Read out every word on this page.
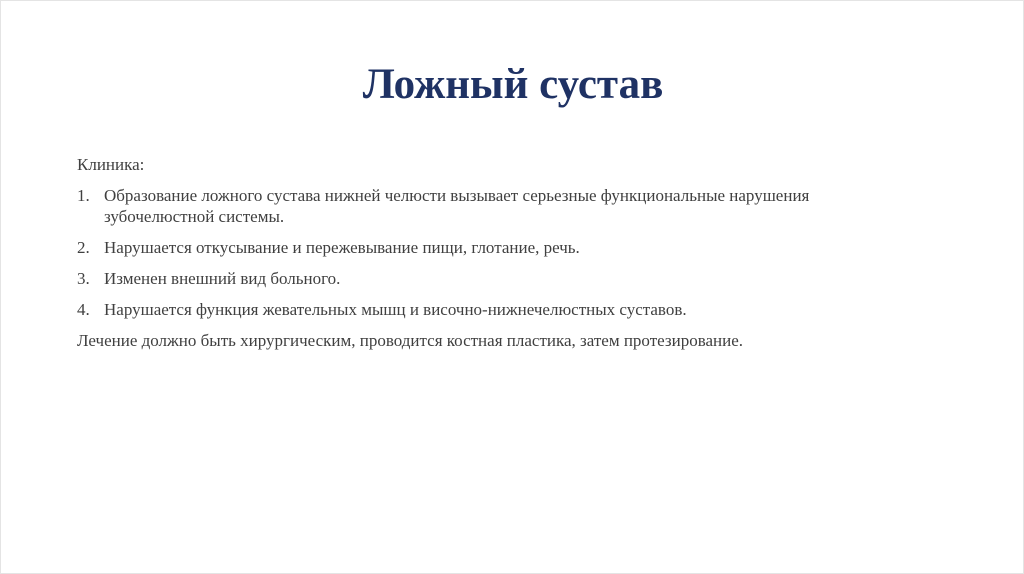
Ложный сустав
Клиника:
1. Образование ложного сустава нижней челюсти вызывает серьезные функциональные нарушения зубочелюстной системы.
2. Нарушается откусывание и пережевывание пищи, глотание, речь.
3. Изменен внешний вид больного.
4. Нарушается функция жевательных мышц и височно-нижнечелюстных суставов.

Лечение должно быть хирургическим, проводится костная пластика, затем протезирование.
